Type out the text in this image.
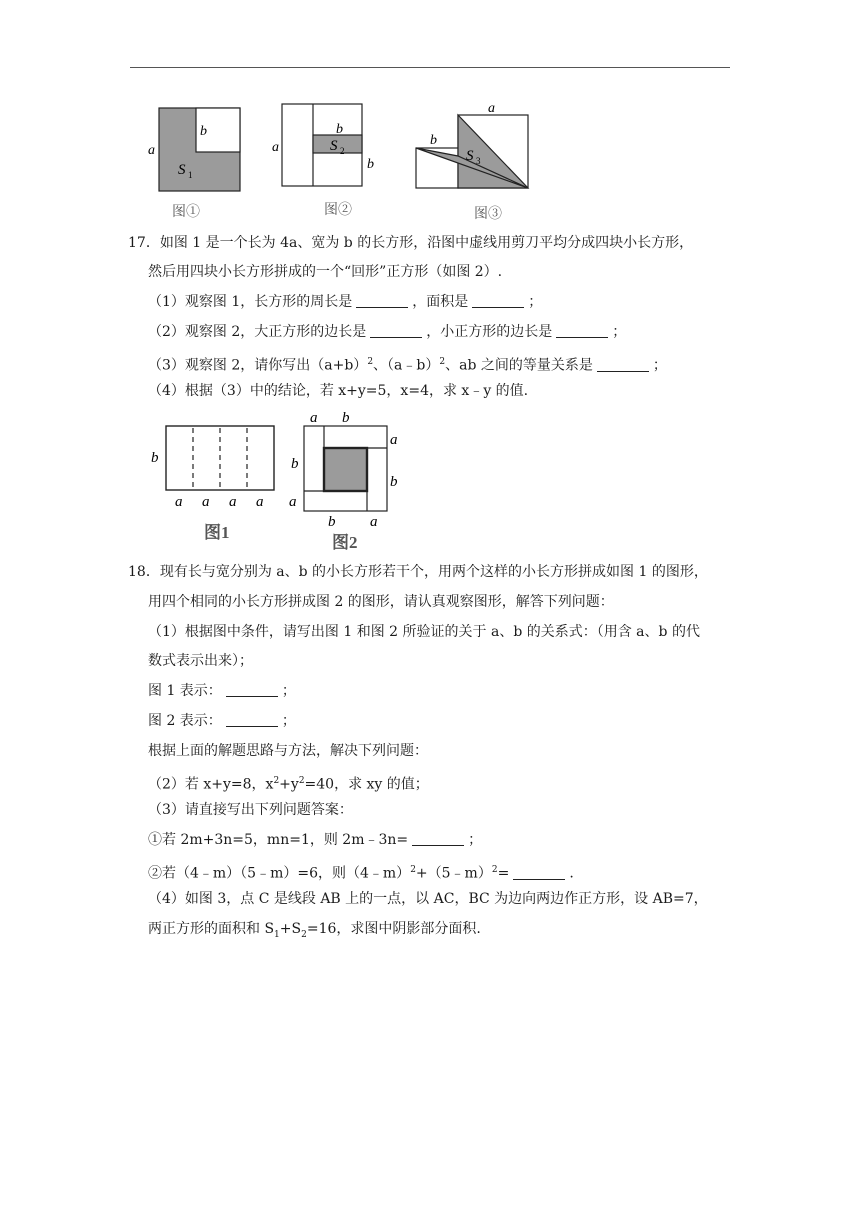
a
b
S 1
图①
a
b
b
S 2
图②
a
b
S 3
图③
17．如图 1 是一个长为 4a、宽为 b 的长方形，沿图中虚线用剪刀平均分成四块小长方形，
然后用四块小长方形拼成的一个“回形”正方形（如图 2）.
（1）观察图 1，长方形的周长是	，面积是	；
（2）观察图 2，大正方形的边长是	，小正方形的边长是	；
（3）观察图 2，请你写出$(a+b)^2$、（a﹣b）$^2$、ab 之间的等量关系是	；
（4）根据（3）中的结论，若 x+y=5，x=4，求 x﹣y 的值.
b
a a a a
图1
a b
a
b
b
a
b a
图2
18．现有长与宽分别为 a、b 的小长方形若干个，用两个这样的小长方形拼成如图 1 的图形，
用四个相同的小长方形拼成图 2 的图形，请认真观察图形，解答下列问题：
（1）根据图中条件，请写出图 1 和图 2 所验证的关于 a、b 的关系式：（用含 a、b 的代
数式表示出来）；
图 1 表示：	；
图 2 表示：	；
根据上面的解题思路与方法，解决下列问题：
（2）若 x+y=8，$x^2+y^2=40$，求 xy 的值；
（3）请直接写出下列问题答案：
①若 2m+3n=5，mn=1，则 2m﹣3n=	；
②若（4﹣m）（5﹣m）=6，则（4﹣m）$^2$+（5﹣m）$^2$=	.
（4）如图 3，点 C 是线段 AB 上的一点，以 AC，BC 为边向两边作正方形，设 AB=7，
两正方形的面积和 $S_1+S_2=16$，求图中阴影部分面积.
